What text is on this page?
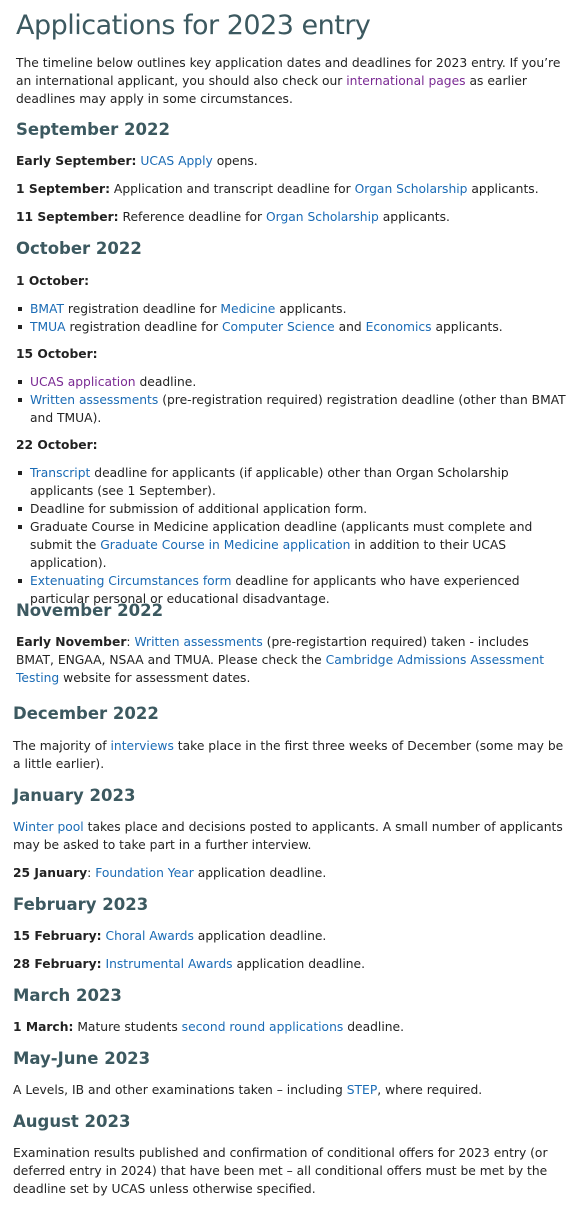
Applications for 2023 entry

The timeline below outlines key application dates and deadlines for 2023 entry. If you’re an international applicant, you should also check our international pages as earlier deadlines may apply in some circumstances.

September 2022

Early September: UCAS Apply opens.

1 September: Application and transcript deadline for Organ Scholarship applicants.

11 September: Reference deadline for Organ Scholarship applicants.

October 2022

1 October:

BMAT registration deadline for Medicine applicants.
TMUA registration deadline for Computer Science and Economics applicants.

15 October:

UCAS application deadline.
Written assessments (pre-registration required) registration deadline (other than BMAT and TMUA).

22 October:

Transcript deadline for applicants (if applicable) other than Organ Scholarship applicants (see 1 September).
Deadline for submission of additional application form.
Graduate Course in Medicine application deadline (applicants must complete and submit the Graduate Course in Medicine application in addition to their UCAS application).
Extenuating Circumstances form deadline for applicants who have experienced particular personal or educational disadvantage.
November 2022

Early November: Written assessments (pre-registartion required) taken - includes BMAT, ENGAA, NSAA and TMUA. Please check the Cambridge Admissions Assessment Testing website for assessment dates.

December 2022

The majority of interviews take place in the first three weeks of December (some may be a little earlier).

January 2023

Winter pool takes place and decisions posted to applicants. A small number of applicants may be asked to take part in a further interview.

25 January: Foundation Year application deadline.

February 2023

15 February: Choral Awards application deadline.

28 February: Instrumental Awards application deadline.

March 2023

1 March: Mature students second round applications deadline.

May-June 2023

A Levels, IB and other examinations taken – including STEP, where required.

August 2023

Examination results published and confirmation of conditional offers for 2023 entry (or deferred entry in 2024) that have been met – all conditional offers must be met by the deadline set by UCAS unless otherwise specified.
